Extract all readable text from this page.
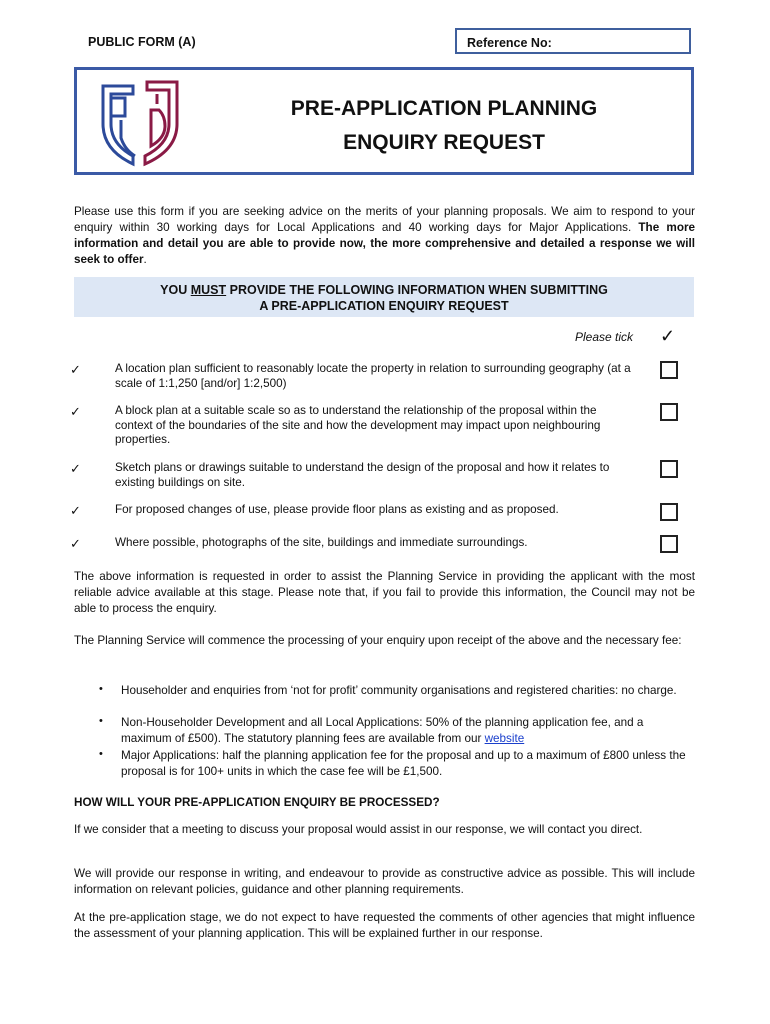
PUBLIC FORM (A)	Reference No:
PRE-APPLICATION PLANNING
ENQUIRY REQUEST
Please use this form if you are seeking advice on the merits of your planning proposals. We aim to respond to your enquiry within 30 working days for Local Applications and 40 working days for Major Applications. The more information and detail you are able to provide now, the more comprehensive and detailed a response we will seek to offer.
YOU MUST PROVIDE THE FOLLOWING INFORMATION WHEN SUBMITTING
A PRE-APPLICATION ENQUIRY REQUEST
Please tick ✓
✓	A location plan sufficient to reasonably locate the property in relation to surrounding geography (at a scale of 1:1,250 [and/or] 1:2,500)
✓	A block plan at a suitable scale so as to understand the relationship of the proposal within the context of the boundaries of the site and how the development may impact upon neighbouring properties.
✓	Sketch plans or drawings suitable to understand the design of the proposal and how it relates to existing buildings on site.
✓	For proposed changes of use, please provide floor plans as existing and as proposed.
✓	Where possible, photographs of the site, buildings and immediate surroundings.
The above information is requested in order to assist the Planning Service in providing the applicant with the most reliable advice available at this stage. Please note that, if you fail to provide this information, the Council may not be able to process the enquiry.
The Planning Service will commence the processing of your enquiry upon receipt of the above and the necessary fee:
• Householder and enquiries from ‘not for profit’ community organisations and registered charities: no charge.
• Non-Householder Development and all Local Applications: 50% of the planning application fee, and a maximum of £500). The statutory planning fees are available from our website
• Major Applications: half the planning application fee for the proposal and up to a maximum of £800 unless the proposal is for 100+ units in which the case fee will be £1,500.
HOW WILL YOUR PRE-APPLICATION ENQUIRY BE PROCESSED?
If we consider that a meeting to discuss your proposal would assist in our response, we will contact you direct.
We will provide our response in writing, and endeavour to provide as constructive advice as possible. This will include information on relevant policies, guidance and other planning requirements.
At the pre-application stage, we do not expect to have requested the comments of other agencies that might influence the assessment of your planning application. This will be explained further in our response.
